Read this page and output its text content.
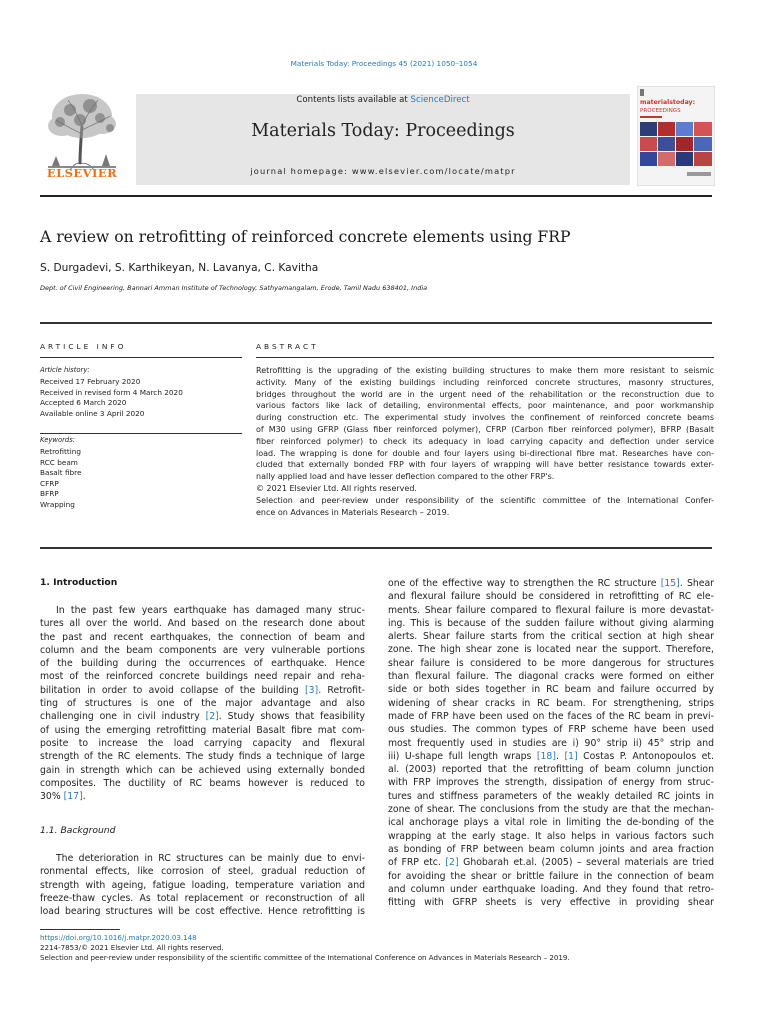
Materials Today: Proceedings 45 (2021) 1050–1054
Contents lists available at ScienceDirect
Materials Today: Proceedings
journal homepage: www.elsevier.com/locate/matpr
ELSEVIER
materialstoday:
PROCEEDINGS
A review on retrofitting of reinforced concrete elements using FRP
S. Durgadevi, S. Karthikeyan, N. Lavanya, C. Kavitha
Dept. of Civil Engineering, Bannari Amman Institute of Technology, Sathyamangalam, Erode, Tamil Nadu 638401, India
ARTICLE INFO
Article history:
Received 17 February 2020
Received in revised form 4 March 2020
Accepted 6 March 2020
Available online 3 April 2020
Keywords:
Retrofitting
RCC beam
Basalt fibre
CFRP
BFRP
Wrapping
ABSTRACT
Retrofitting is the upgrading of the existing building structures to make them more resistant to seismic
activity. Many of the existing buildings including reinforced concrete structures, masonry structures,
bridges throughout the world are in the urgent need of the rehabilitation or the reconstruction due to
various factors like lack of detailing, environmental effects, poor maintenance, and poor workmanship
during construction etc. The experimental study involves the confinement of reinforced concrete beams
of M30 using GFRP (Glass fiber reinforced polymer), CFRP (Carbon fiber reinforced polymer), BFRP (Basalt
fiber reinforced polymer) to check its adequacy in load carrying capacity and deflection under service
load. The wrapping is done for double and four layers using bi-directional fibre mat. Researches have con-
cluded that externally bonded FRP with four layers of wrapping will have better resistance towards exter-
nally applied load and have lesser deflection compared to the other FRP's.
© 2021 Elsevier Ltd. All rights reserved.
Selection and peer-review under responsibility of the scientific committee of the International Confer-
ence on Advances in Materials Research – 2019.
1. Introduction
In the past few years earthquake has damaged many struc-
tures all over the world. And based on the research done about
the past and recent earthquakes, the connection of beam and
column and the beam components are very vulnerable portions
of the building during the occurrences of earthquake. Hence
most of the reinforced concrete buildings need repair and reha-
bilitation in order to avoid collapse of the building [3]. Retrofit-
ting of structures is one of the major advantage and also
challenging one in civil industry [2]. Study shows that feasibility
of using the emerging retrofitting material Basalt fibre mat com-
posite to increase the load carrying capacity and flexural
strength of the RC elements. The study finds a technique of large
gain in strength which can be achieved using externally bonded
composites. The ductility of RC beams however is reduced to
30% [17].
1.1. Background
The deterioration in RC structures can be mainly due to envi-
ronmental effects, like corrosion of steel, gradual reduction of
strength with ageing, fatigue loading, temperature variation and
freeze-thaw cycles. As total replacement or reconstruction of all
load bearing structures will be cost effective. Hence retrofitting is
one of the effective way to strengthen the RC structure [15]. Shear
and flexural failure should be considered in retrofitting of RC ele-
ments. Shear failure compared to flexural failure is more devastat-
ing. This is because of the sudden failure without giving alarming
alerts. Shear failure starts from the critical section at high shear
zone. The high shear zone is located near the support. Therefore,
shear failure is considered to be more dangerous for structures
than flexural failure. The diagonal cracks were formed on either
side or both sides together in RC beam and failure occurred by
widening of shear cracks in RC beam. For strengthening, strips
made of FRP have been used on the faces of the RC beam in previ-
ous studies. The common types of FRP scheme have been used
most frequently used in studies are i) 90° strip ii) 45° strip and
iii) U-shape full length wraps [18]. [1] Costas P. Antonopoulos et.
al. (2003) reported that the retrofitting of beam column junction
with FRP improves the strength, dissipation of energy from struc-
tures and stiffness parameters of the weakly detailed RC joints in
zone of shear. The conclusions from the study are that the mechan-
ical anchorage plays a vital role in limiting the de-bonding of the
wrapping at the early stage. It also helps in various factors such
as bonding of FRP between beam column joints and area fraction
of FRP etc. [2] Ghobarah et.al. (2005) – several materials are tried
for avoiding the shear or brittle failure in the connection of beam
and column under earthquake loading. And they found that retro-
fitting with GFRP sheets is very effective in providing shear
https://doi.org/10.1016/j.matpr.2020.03.148
2214-7853/© 2021 Elsevier Ltd. All rights reserved.
Selection and peer-review under responsibility of the scientific committee of the International Conference on Advances in Materials Research – 2019.
